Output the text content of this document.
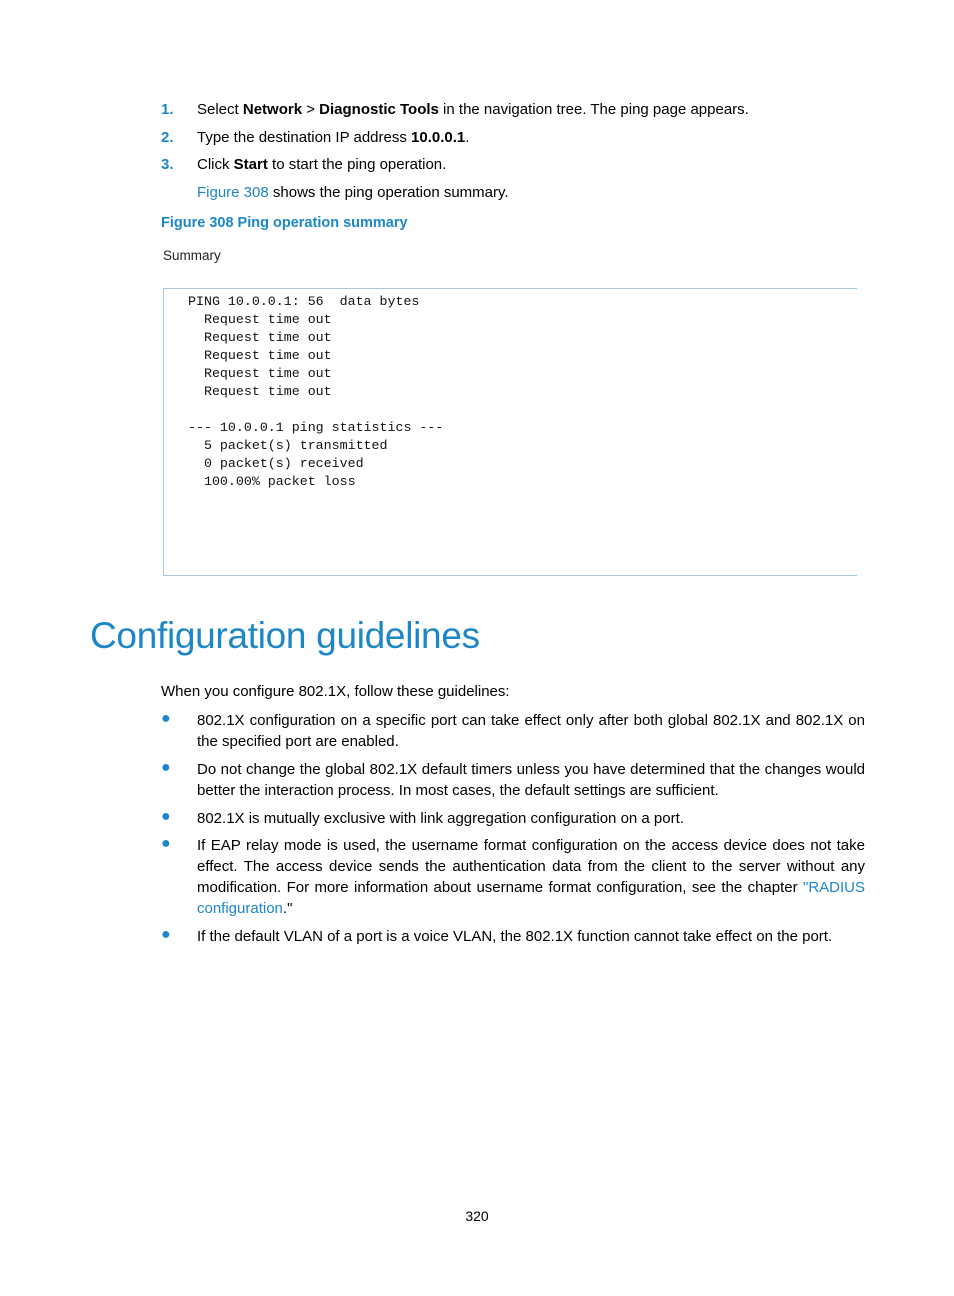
1. Select Network > Diagnostic Tools in the navigation tree. The ping page appears.
2. Type the destination IP address 10.0.0.1.
3. Click Start to start the ping operation.
Figure 308 shows the ping operation summary.
Figure 308 Ping operation summary
Summary
PING 10.0.0.1: 56  data bytes
Request time out
Request time out
Request time out
Request time out
Request time out
--- 10.0.0.1 ping statistics ---
5 packet(s) transmitted
0 packet(s) received
100.00% packet loss
Configuration guidelines
When you configure 802.1X, follow these guidelines:
● 802.1X configuration on a specific port can take effect only after both global 802.1X and 802.1X on the specified port are enabled.
● Do not change the global 802.1X default timers unless you have determined that the changes would better the interaction process. In most cases, the default settings are sufficient.
● 802.1X is mutually exclusive with link aggregation configuration on a port.
● If EAP relay mode is used, the username format configuration on the access device does not take effect. The access device sends the authentication data from the client to the server without any modification. For more information about username format configuration, see the chapter "RADIUS configuration."
● If the default VLAN of a port is a voice VLAN, the 802.1X function cannot take effect on the port.
320
